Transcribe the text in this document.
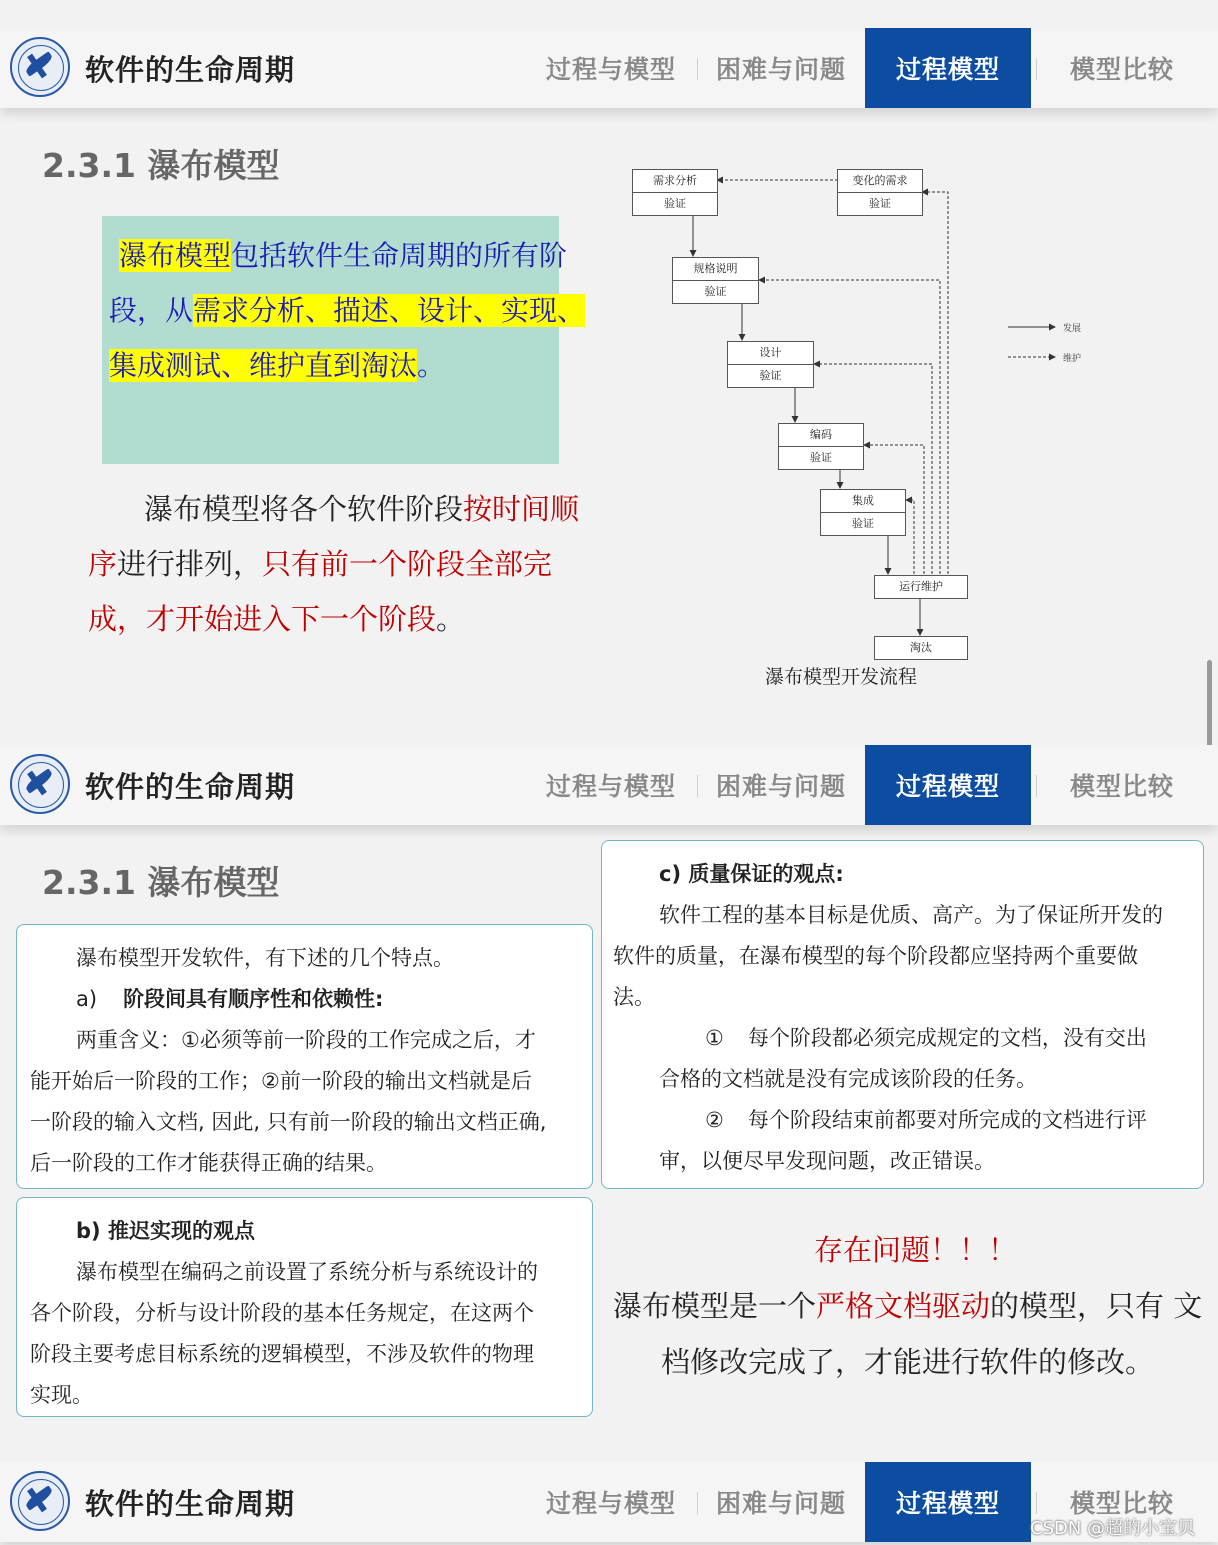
软件的生命周期	过程与模型 困难与问题 过程模型	模型比较
2.3.1 瀑布模型
瀑布模型包括软件生命周期的所有阶段，从需求分析、描述、设计、实现、集成测试、维护直到淘汰。
瀑布模型将各个软件阶段按时间顺序进行排列，只有前一个阶段全部完成，才开始进入下一个阶段。
需求分析
验证
变化的需求
验证
规格说明
验证
设计
验证
编码
验证
集成
验证
运行维护
淘汰
发展
维护
瀑布模型开发流程
软件的生命周期	过程与模型 困难与问题 过程模型	模型比较
2.3.1 瀑布模型
瀑布模型开发软件，有下述的几个特点。
a) 阶段间具有顺序性和依赖性:
两重含义：①必须等前一阶段的工作完成之后，才
能开始后一阶段的工作；②前一阶段的输出文档就是后
一阶段的输入文档, 因此, 只有前一阶段的输出文档正确,
后一阶段的工作才能获得正确的结果。
b) 推迟实现的观点
瀑布模型在编码之前设置了系统分析与系统设计的
各个阶段，分析与设计阶段的基本任务规定，在这两个
阶段主要考虑目标系统的逻辑模型，不涉及软件的物理
实现。
c) 质量保证的观点:
软件工程的基本目标是优质、高产。为了保证所开发的
软件的质量，在瀑布模型的每个阶段都应坚持两个重要做
法。
① 每个阶段都必须完成规定的文档，没有交出
合格的文档就是没有完成该阶段的任务。
② 每个阶段结束前都要对所完成的文档进行评
审，以便尽早发现问题，改正错误。
存在问题！！！
瀑布模型是一个严格文档驱动的模型，只有 文
档修改完成了，才能进行软件的修改。
软件的生命周期	过程与模型 困难与问题 过程模型	模型比较
CSDN @超的小宝贝
